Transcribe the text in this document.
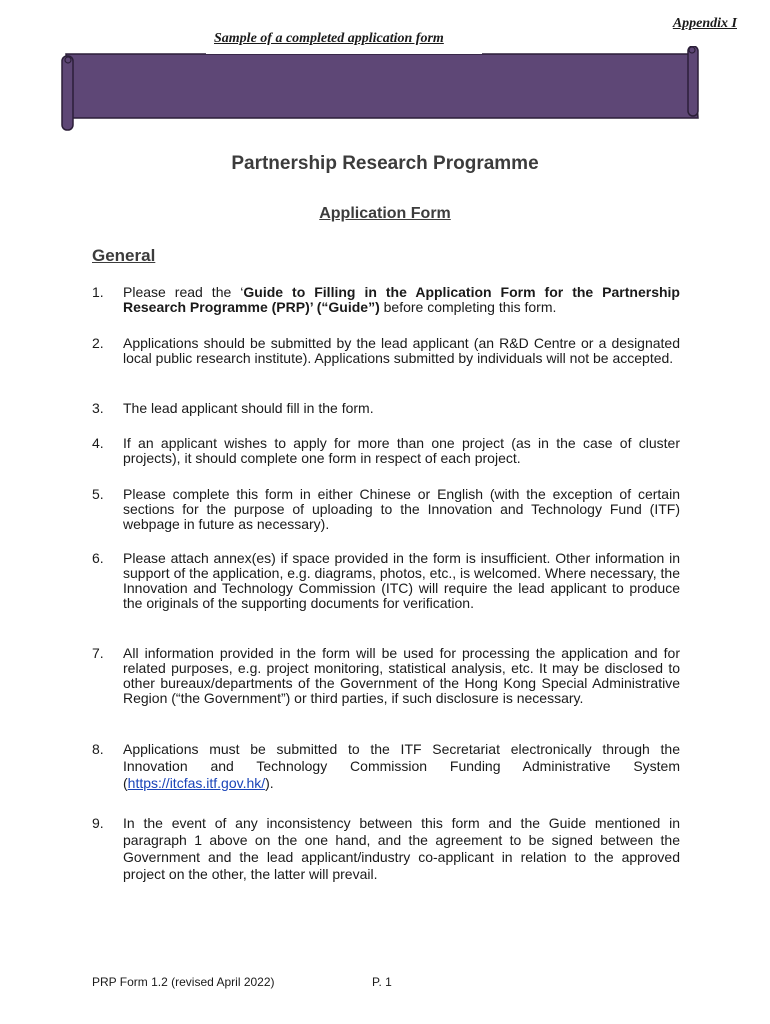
Appendix I
Sample of a completed application form
Partnership Research Programme
Application Form
General
1. Please read the ‘Guide to Filling in the Application Form for the Partnership Research Programme (PRP)’ (“Guide”) before completing this form.
2. Applications should be submitted by the lead applicant (an R&D Centre or a designated local public research institute). Applications submitted by individuals will not be accepted.
3. The lead applicant should fill in the form.
4. If an applicant wishes to apply for more than one project (as in the case of cluster projects), it should complete one form in respect of each project.
5. Please complete this form in either Chinese or English (with the exception of certain sections for the purpose of uploading to the Innovation and Technology Fund (ITF) webpage in future as necessary).
6. Please attach annex(es) if space provided in the form is insufficient. Other information in support of the application, e.g. diagrams, photos, etc., is welcomed. Where necessary, the Innovation and Technology Commission (ITC) will require the lead applicant to produce the originals of the supporting documents for verification.
7. All information provided in the form will be used for processing the application and for related purposes, e.g. project monitoring, statistical analysis, etc. It may be disclosed to other bureaux/departments of the Government of the Hong Kong Special Administrative Region (“the Government”) or third parties, if such disclosure is necessary.
8. Applications must be submitted to the ITF Secretariat electronically through the Innovation and Technology Commission Funding Administrative System (https://itcfas.itf.gov.hk/).
9. In the event of any inconsistency between this form and the Guide mentioned in paragraph 1 above on the one hand, and the agreement to be signed between the Government and the lead applicant/industry co-applicant in relation to the approved project on the other, the latter will prevail.
PRP Form 1.2 (revised April 2022)	P. 1
